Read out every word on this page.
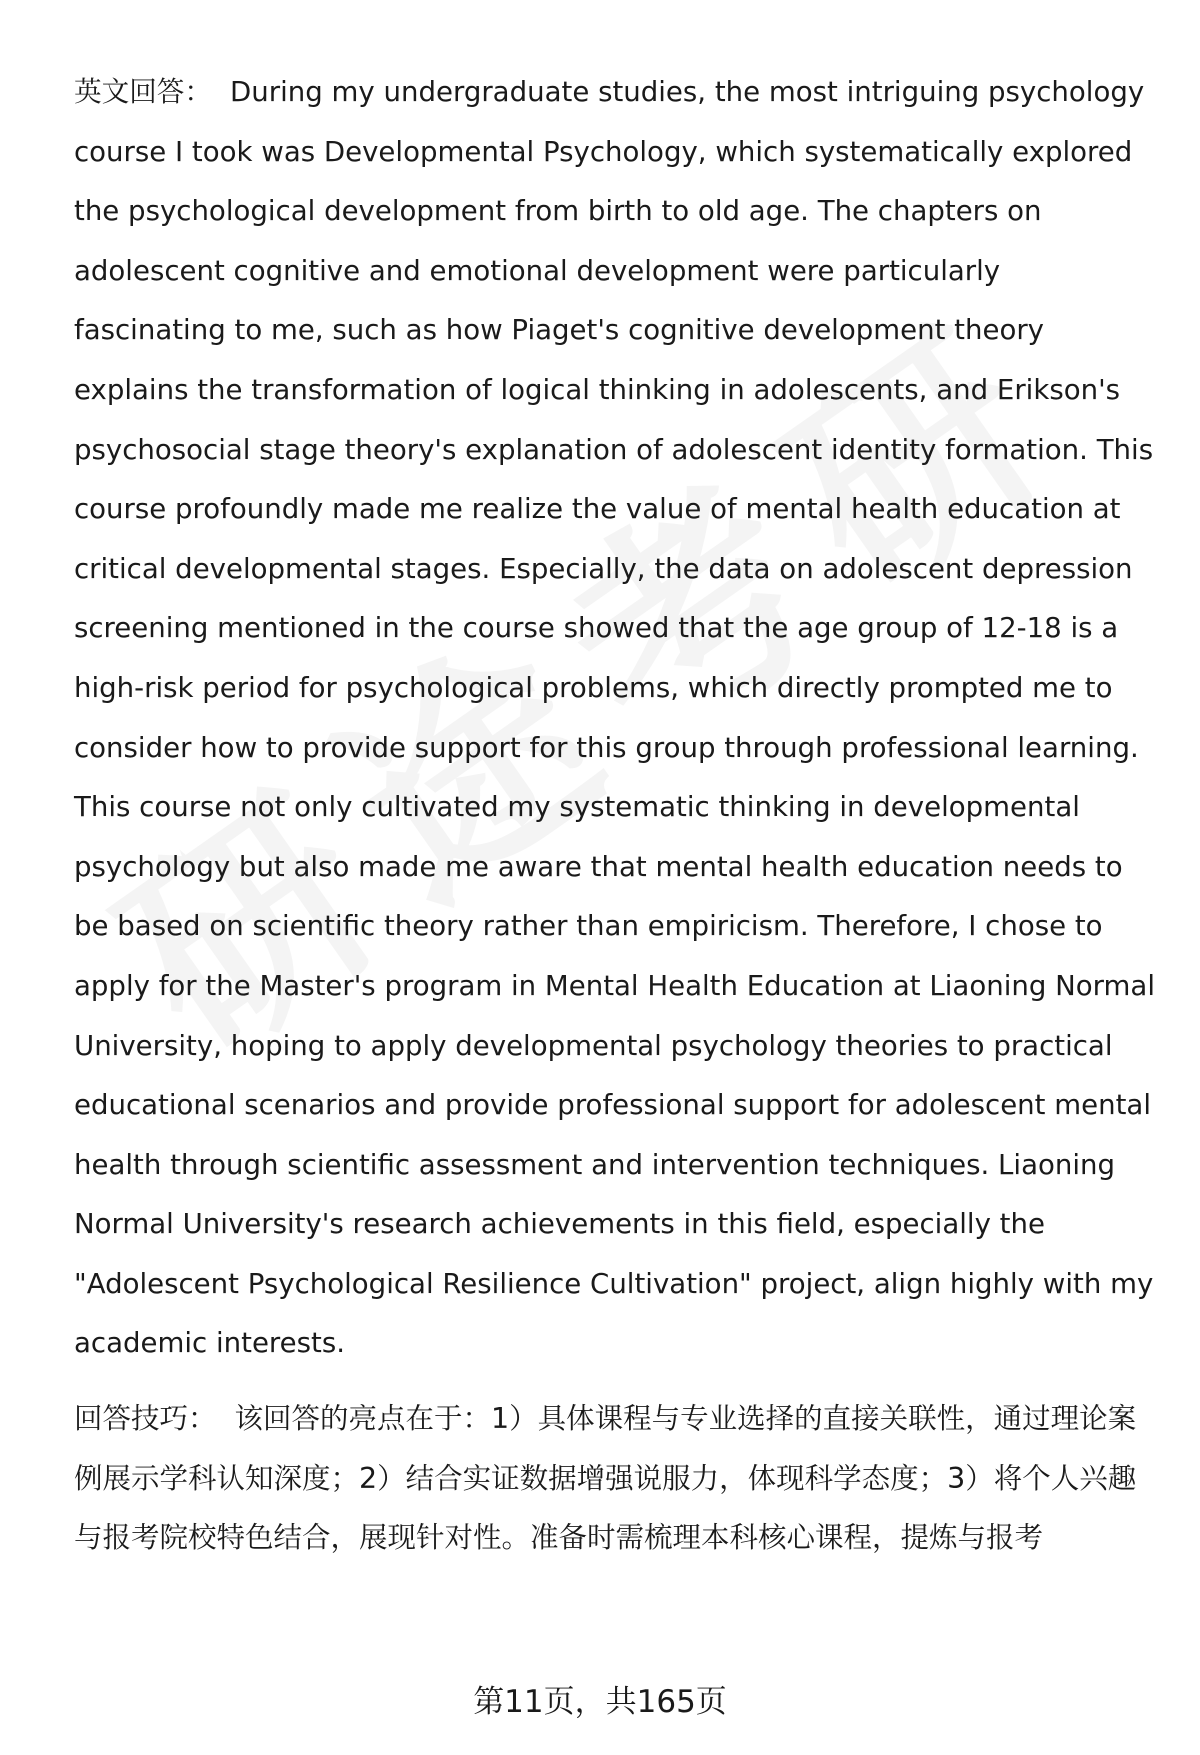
英文回答： During my undergraduate studies, the most intriguing psychology course I took was Developmental Psychology, which systematically explored the psychological development from birth to old age. The chapters on adolescent cognitive and emotional development were particularly fascinating to me, such as how Piaget's cognitive development theory explains the transformation of logical thinking in adolescents, and Erikson's psychosocial stage theory's explanation of adolescent identity formation. This course profoundly made me realize the value of mental health education at critical developmental stages. Especially, the data on adolescent depression screening mentioned in the course showed that the age group of 12-18 is a high-risk period for psychological problems, which directly prompted me to consider how to provide support for this group through professional learning. This course not only cultivated my systematic thinking in developmental psychology but also made me aware that mental health education needs to be based on scientific theory rather than empiricism. Therefore, I chose to apply for the Master's program in Mental Health Education at Liaoning Normal University, hoping to apply developmental psychology theories to practical educational scenarios and provide professional support for adolescent mental health through scientific assessment and intervention techniques. Liaoning Normal University's research achievements in this field, especially the "Adolescent Psychological Resilience Cultivation" project, align highly with my academic interests.

回答技巧： 该回答的亮点在于：1）具体课程与专业选择的直接关联性，通过理论案例展示学科认知深度；2）结合实证数据增强说服力，体现科学态度；3）将个人兴趣与报考院校特色结合，展现针对性。准备时需梳理本科核心课程，提炼与报考

第11页，共165页
